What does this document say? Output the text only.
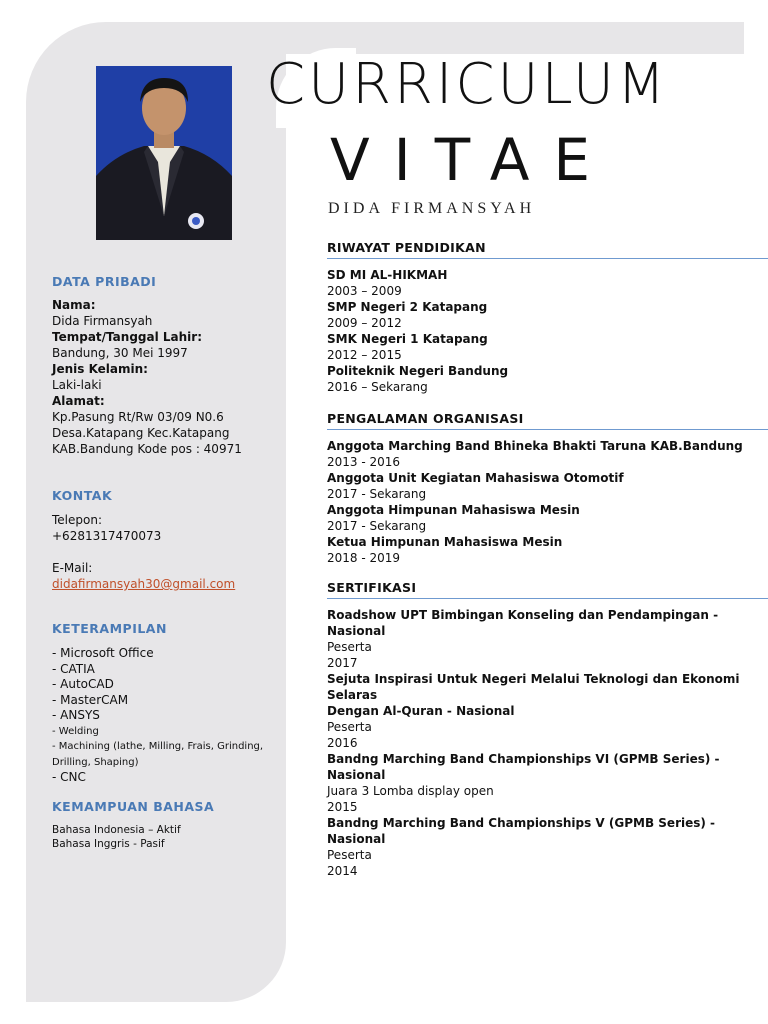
CURRICULUM
VITAE
DIDA FIRMANSYAH
DATA PRIBADI
Nama:
Dida Firmansyah
Tempat/Tanggal Lahir:
Bandung, 30 Mei 1997
Jenis Kelamin:
Laki-laki
Alamat:
Kp.Pasung Rt/Rw 03/09 N0.6
Desa.Katapang Kec.Katapang
KAB.Bandung Kode pos : 40971
KONTAK
Telepon:
+6281317470073
E-Mail:
didafirmansyah30@gmail.com
KETERAMPILAN
- Microsoft Office
- CATIA
- AutoCAD
- MasterCAM
- ANSYS
- Welding
- Machining (lathe, Milling, Frais, Grinding,
Drilling, Shaping)
- CNC
KEMAMPUAN BAHASA
Bahasa Indonesia – Aktif
Bahasa Inggris - Pasif
RIWAYAT PENDIDIKAN
SD MI AL-HIKMAH
2003 – 2009
SMP Negeri 2 Katapang
2009 – 2012
SMK Negeri 1 Katapang
2012 – 2015
Politeknik Negeri Bandung
2016 – Sekarang
PENGALAMAN ORGANISASI
Anggota Marching Band Bhineka Bhakti Taruna KAB.Bandung
2013 - 2016
Anggota Unit Kegiatan Mahasiswa Otomotif
2017 - Sekarang
Anggota Himpunan Mahasiswa Mesin
2017 - Sekarang
Ketua Himpunan Mahasiswa Mesin
2018 - 2019
SERTIFIKASI
Roadshow UPT Bimbingan Konseling dan Pendampingan - Nasional
Peserta
2017
Sejuta Inspirasi Untuk Negeri Melalui Teknologi dan Ekonomi Selaras
Dengan Al-Quran - Nasional
Peserta
2016
Bandng Marching Band Championships VI (GPMB Series) - Nasional
Juara 3 Lomba display open
2015
Bandng Marching Band Championships V (GPMB Series) - Nasional
Peserta
2014
